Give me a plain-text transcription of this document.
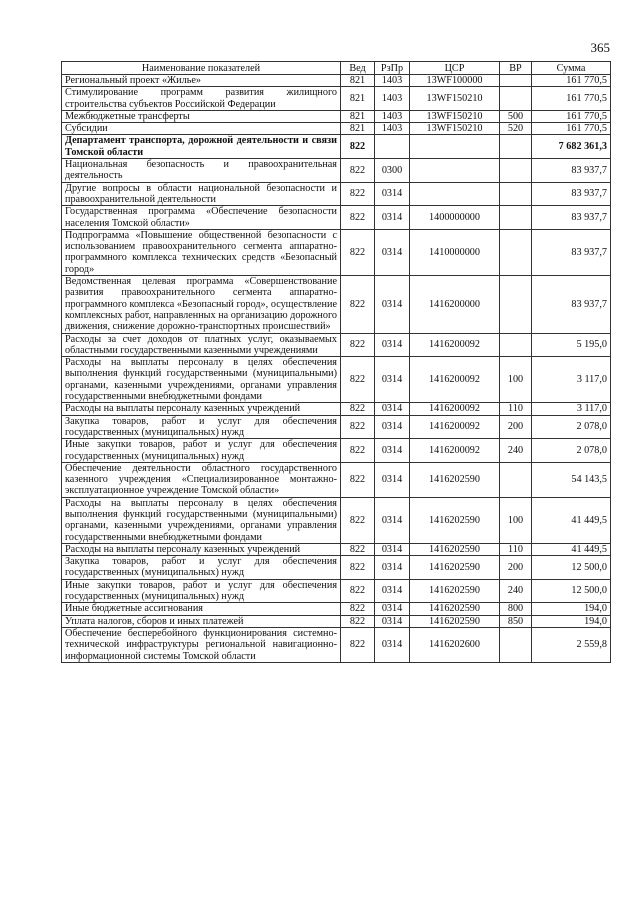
365
Наименование показателей	Вед	РзПр	ЦСР	ВР	Сумма
Региональный проект «Жилье»	821	1403	13WF100000		161 770,5
Стимулирование программ развития жилищного строительства субъектов Российской Федерации	821	1403	13WF150210		161 770,5
Межбюджетные трансферты	821	1403	13WF150210	500	161 770,5
Субсидии	821	1403	13WF150210	520	161 770,5
Департамент транспорта, дорожной деятельности и связи Томской области	822				7 682 361,3
Национальная безопасность и правоохранительная деятельность	822	0300			83 937,7
Другие вопросы в области национальной безопасности и правоохранительной деятельности	822	0314			83 937,7
Государственная программа «Обеспечение безопасности населения Томской области»	822	0314	1400000000		83 937,7
Подпрограмма «Повышение общественной безопасности с использованием правоохранительного сегмента аппаратно-программного комплекса технических средств «Безопасный город»	822	0314	1410000000		83 937,7
Ведомственная целевая программа «Совершенствование развития правоохранительного сегмента аппаратно-программного комплекса «Безопасный город», осуществление комплексных работ, направленных на организацию дорожного движения, снижение дорожно-транспортных происшествий»	822	0314	1416200000		83 937,7
Расходы за счет доходов от платных услуг, оказываемых областными государственными казенными учреждениями	822	0314	1416200092		5 195,0
Расходы на выплаты персоналу в целях обеспечения выполнения функций государственными (муниципальными) органами, казенными учреждениями, органами управления государственными внебюджетными фондами	822	0314	1416200092	100	3 117,0
Расходы на выплаты персоналу казенных учреждений	822	0314	1416200092	110	3 117,0
Закупка товаров, работ и услуг для обеспечения государственных (муниципальных) нужд	822	0314	1416200092	200	2 078,0
Иные закупки товаров, работ и услуг для обеспечения государственных (муниципальных) нужд	822	0314	1416200092	240	2 078,0
Обеспечение деятельности областного государственного казенного учреждения «Специализированное монтажно-эксплуатационное учреждение Томской области»	822	0314	1416202590		54 143,5
Расходы на выплаты персоналу в целях обеспечения выполнения функций государственными (муниципальными) органами, казенными учреждениями, органами управления государственными внебюджетными фондами	822	0314	1416202590	100	41 449,5
Расходы на выплаты персоналу казенных учреждений	822	0314	1416202590	110	41 449,5
Закупка товаров, работ и услуг для обеспечения государственных (муниципальных) нужд	822	0314	1416202590	200	12 500,0
Иные закупки товаров, работ и услуг для обеспечения государственных (муниципальных) нужд	822	0314	1416202590	240	12 500,0
Иные бюджетные ассигнования	822	0314	1416202590	800	194,0
Уплата налогов, сборов и иных платежей	822	0314	1416202590	850	194,0
Обеспечение бесперебойного функционирования системно-технической инфраструктуры региональной навигационно-информационной системы Томской области	822	0314	1416202600		2 559,8
